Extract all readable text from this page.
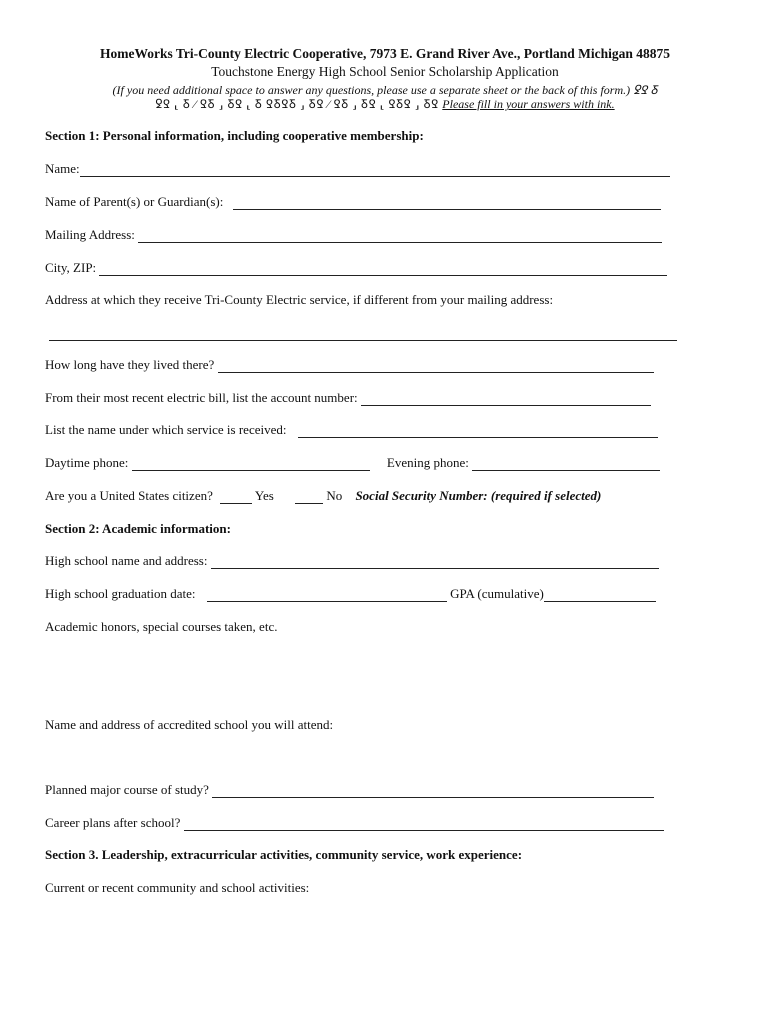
HomeWorks Tri-County Electric Cooperative, 7973 E. Grand River Ave., Portland Michigan 48875
Touchstone Energy High School Senior Scholarship Application
(If you need additional space to answer any questions, please use a separate sheet or the back of this form.) ꝿꝾ Ᵹ
ꝿꝾ ⸤ Ᵹ ⁄ ꝾꝽ ⸥ ꝽꝾ ⸤ Ᵹ ꝾꝽꝾꝽ ⸥ ꝽꝾ ⁄ ꝾꝽ ⸥ ꝽꝾ ⸤ ꝾꝽꝾ ⸥ ꝽꝾ Please fill in your answers with ink.
Section 1: Personal information, including cooperative membership:
Name:
Name of Parent(s) or Guardian(s):
Mailing Address:
City, ZIP:
Address at which they receive Tri-County Electric service, if different from your mailing address:
How long have they lived there?
From their most recent electric bill, list the account number:
List the name under which service is received:
Daytime phone:	Evening phone:
Are you a United States citizen?	Yes	No Social Security Number: (required if selected)
Section 2: Academic information:
High school name and address:
High school graduation date:	GPA (cumulative)
Academic honors, special courses taken, etc.
Name and address of accredited school you will attend:
Planned major course of study?
Career plans after school?
Section 3. Leadership, extracurricular activities, community service, work experience:
Current or recent community and school activities:
